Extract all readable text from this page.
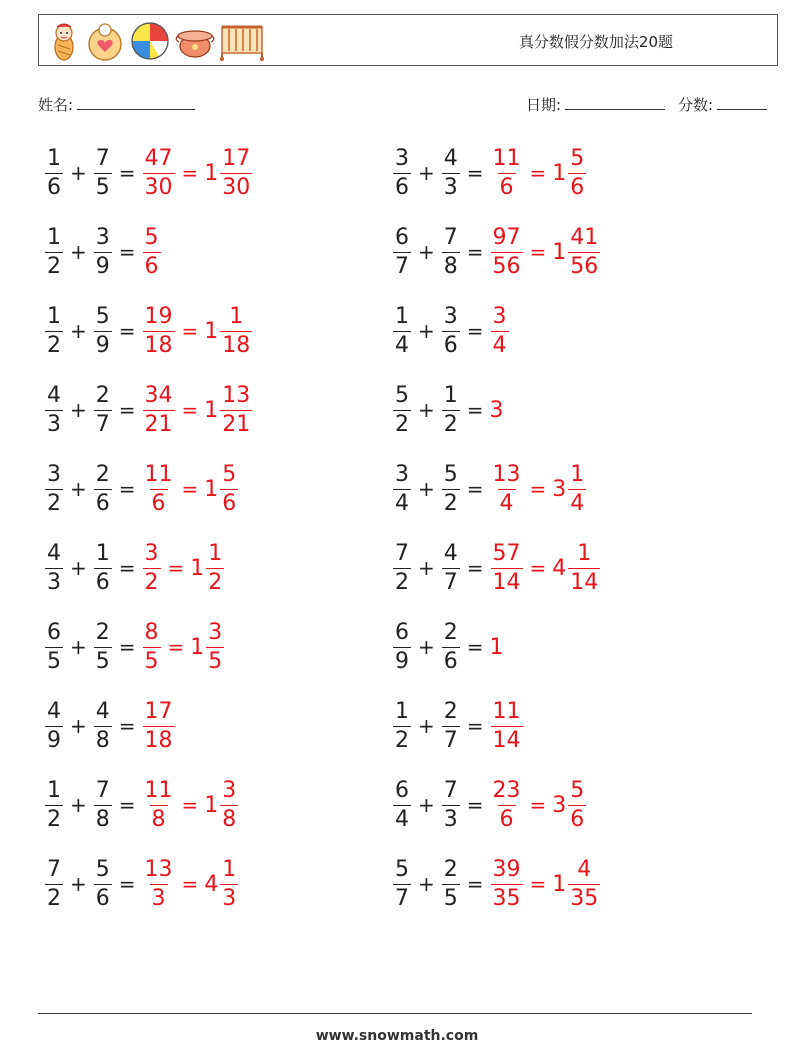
真分数假分数加法20题
姓名:	日期:	分数:
$\frac{1}{6} + \frac{7}{5} = \frac{47}{30} = 1 \frac{17}{30}$	$\frac{3}{6} + \frac{4}{3} = \frac{11}{6} = 1 \frac{5}{6}$
$\frac{1}{2} + \frac{3}{9} = \frac{5}{6}$	$\frac{6}{7} + \frac{7}{8} = \frac{97}{56} = 1 \frac{41}{56}$
$\frac{1}{2} + \frac{5}{9} = \frac{19}{18} = 1 \frac{1}{18}$	$\frac{1}{4} + \frac{3}{6} = \frac{3}{4}$
$\frac{4}{3} + \frac{2}{7} = \frac{34}{21} = 1 \frac{13}{21}$	$\frac{5}{2} + \frac{1}{2} = 3$
$\frac{3}{2} + \frac{2}{6} = \frac{11}{6} = 1 \frac{5}{6}$	$\frac{3}{4} + \frac{5}{2} = \frac{13}{4} = 3 \frac{1}{4}$
$\frac{4}{3} + \frac{1}{6} = \frac{3}{2} = 1 \frac{1}{2}$	$\frac{7}{2} + \frac{4}{7} = \frac{57}{14} = 4 \frac{1}{14}$
$\frac{6}{5} + \frac{2}{5} = \frac{8}{5} = 1 \frac{3}{5}$	$\frac{6}{9} + \frac{2}{6} = 1$
$\frac{4}{9} + \frac{4}{8} = \frac{17}{18}$	$\frac{1}{2} + \frac{2}{7} = \frac{11}{14}$
$\frac{1}{2} + \frac{7}{8} = \frac{11}{8} = 1 \frac{3}{8}$	$\frac{6}{4} + \frac{7}{3} = \frac{23}{6} = 3 \frac{5}{6}$
$\frac{7}{2} + \frac{5}{6} = \frac{13}{3} = 4 \frac{1}{3}$	$\frac{5}{7} + \frac{2}{5} = \frac{39}{35} = 1 \frac{4}{35}$
www.snowmath.com
